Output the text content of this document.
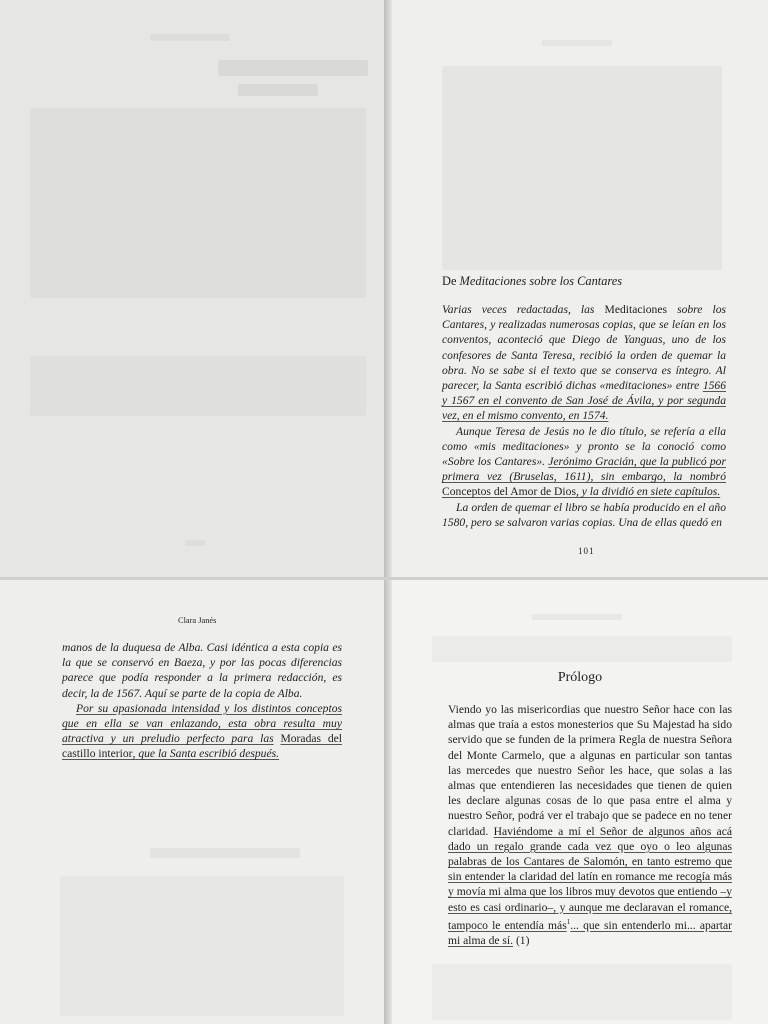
De Meditaciones sobre los Cantares

Varias veces redactadas, las Meditaciones sobre los Cantares, y realizadas numerosas copias, que se leían en los conventos, aconteció que Diego de Yanguas, uno de los confesores de Santa Teresa, recibió la orden de quemar la obra. No se sabe si el texto que se conserva es íntegro. Al parecer, la Santa escribió dichas «meditaciones» entre 1566 y 1567 en el convento de San José de Ávila, y por segunda vez, en el mismo convento, en 1574.

Aunque Teresa de Jesús no le dio título, se refería a ella como «mis meditaciones» y pronto se la conoció como «Sobre los Cantares». Jerónimo Gracián, que la publicó por primera vez (Bruselas, 1611), sin embargo, la nombró Conceptos del Amor de Dios, y la dividió en siete capítulos.

La orden de quemar el libro se había producido en el año 1580, pero se salvaron varias copias. Una de ellas quedó en

101
Clara Janés

manos de la duquesa de Alba. Casi idéntica a esta copia es la que se conservó en Baeza, y por las pocas diferencias parece que podía responder a la primera redacción, es decir, la de 1567. Aquí se parte de la copia de Alba.

Por su apasionada intensidad y los distintos conceptos que en ella se van enlazando, esta obra resulta muy atractiva y un preludio perfecto para las Moradas del castillo interior, que la Santa escribió después.

Prólogo

Viendo yo las misericordias que nuestro Señor hace con las almas que traía a estos monesterios que Su Majestad ha sido servido que se funden de la primera Regla de nuestra Señora del Monte Carmelo, que a algunas en particular son tantas las mercedes que nuestro Señor les hace, que solas a las almas que entendieren las necesidades que tienen de quien les declare algunas cosas de lo que pasa entre el alma y nuestro Señor, podrá ver el trabajo que se padece en no tener claridad. Haviéndome a mí el Señor de algunos años acá dado un regalo grande cada vez que oyo o leo algunas palabras de los Cantares de Salomón, en tanto estremo que sin entender la claridad del latín en romance me recogía más y movía mi alma que los libros muy devotos que entiendo –y esto es casi ordinario–, y aunque me declaravan el romance, tampoco le entendía más$^1$... que sin entenderlo mi... apartar mi alma de sí. (1)
